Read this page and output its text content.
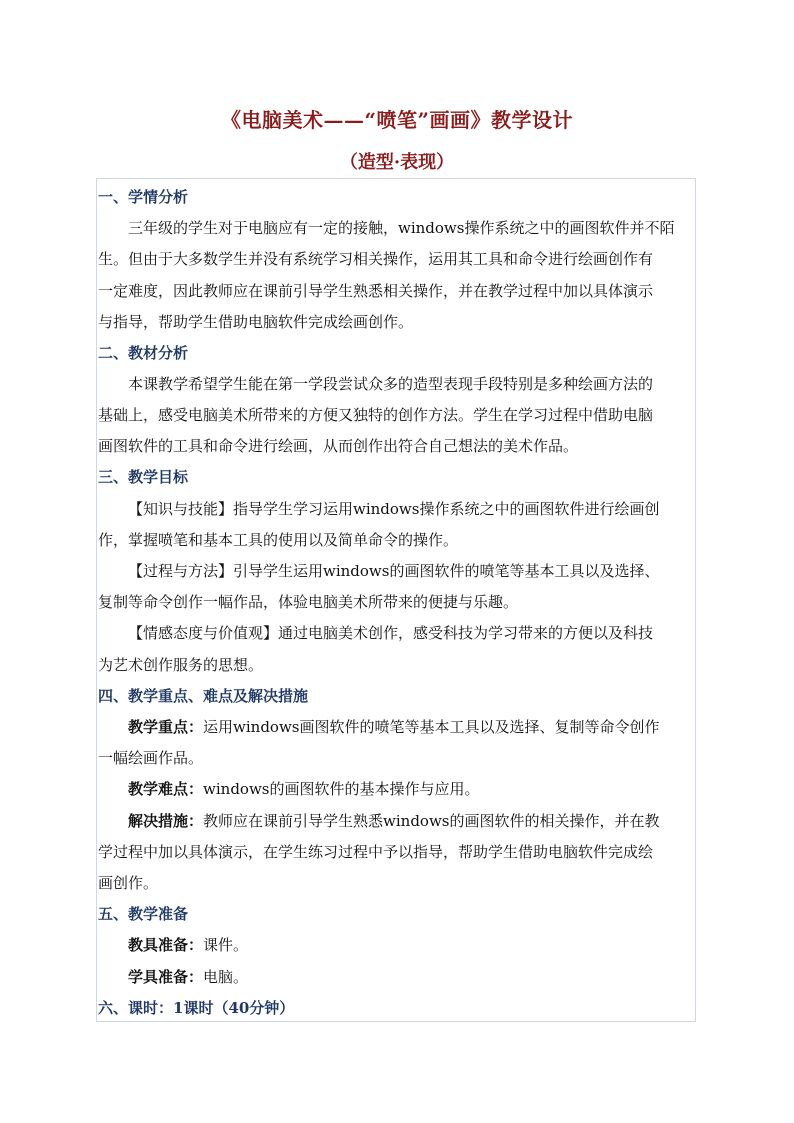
《电脑美术——“喷笔”画画》教学设计
（造型·表现）
一、学情分析
三年级的学生对于电脑应有一定的接触，windows操作系统之中的画图软件并不陌
生。但由于大多数学生并没有系统学习相关操作，运用其工具和命令进行绘画创作有
一定难度，因此教师应在课前引导学生熟悉相关操作，并在教学过程中加以具体演示
与指导，帮助学生借助电脑软件完成绘画创作。
二、教材分析
本课教学希望学生能在第一学段尝试众多的造型表现手段特别是多种绘画方法的
基础上，感受电脑美术所带来的方便又独特的创作方法。学生在学习过程中借助电脑
画图软件的工具和命令进行绘画，从而创作出符合自己想法的美术作品。
三、教学目标
【知识与技能】指导学生学习运用windows操作系统之中的画图软件进行绘画创
作，掌握喷笔和基本工具的使用以及简单命令的操作。
【过程与方法】引导学生运用windows的画图软件的喷笔等基本工具以及选择、
复制等命令创作一幅作品，体验电脑美术所带来的便捷与乐趣。
【情感态度与价值观】通过电脑美术创作，感受科技为学习带来的方便以及科技
为艺术创作服务的思想。
四、教学重点、难点及解决措施
教学重点：运用windows画图软件的喷笔等基本工具以及选择、复制等命令创作
一幅绘画作品。
教学难点：windows的画图软件的基本操作与应用。
解决措施：教师应在课前引导学生熟悉windows的画图软件的相关操作，并在教
学过程中加以具体演示，在学生练习过程中予以指导，帮助学生借助电脑软件完成绘
画创作。
五、教学准备
教具准备：课件。
学具准备：电脑。
六、课时：1课时（40分钟）
